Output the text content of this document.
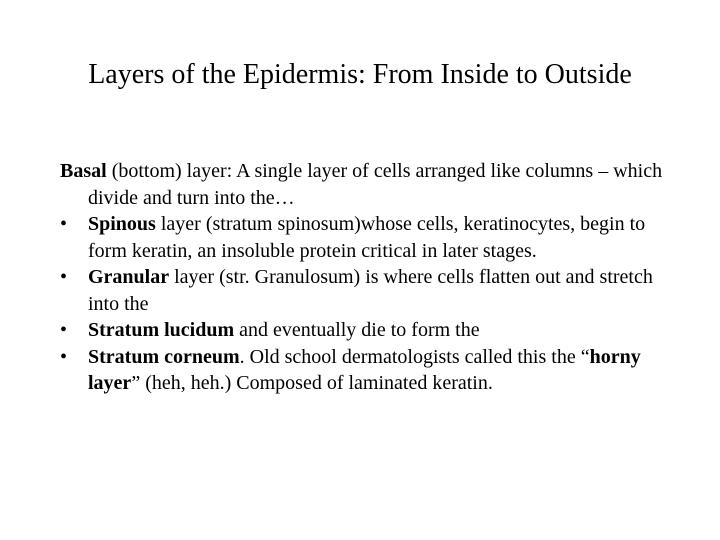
Layers of the Epidermis: From Inside to Outside

Basal (bottom) layer: A single layer of cells arranged like columns – which divide and turn into the…

•	Spinous layer (stratum spinosum)whose cells, keratinocytes, begin to form keratin, an insoluble protein critical in later stages.
•	Granular layer (str. Granulosum) is where cells flatten out and stretch into the
•	Stratum lucidum and eventually die to form the
•	Stratum corneum. Old school dermatologists called this the “horny layer” (heh, heh.) Composed of laminated keratin.
